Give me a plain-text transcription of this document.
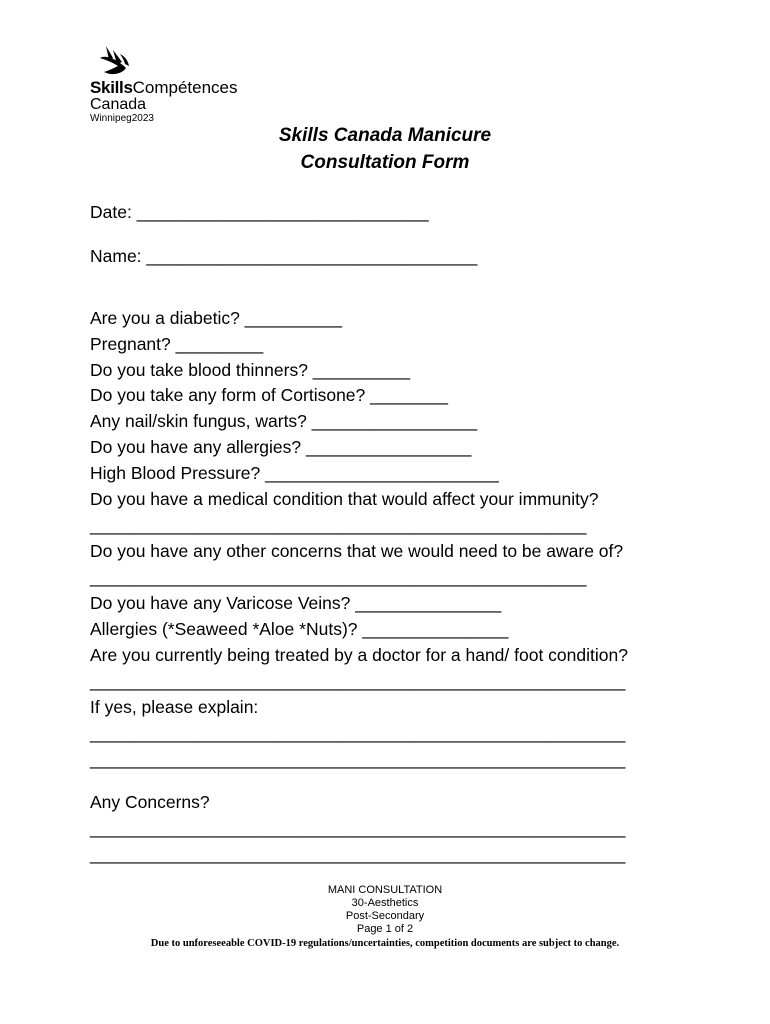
SkillsCompétences
Canada
Winnipeg2023
Skills Canada Manicure
Consultation Form
Date: ______________________________
Name: __________________________________
Are you a diabetic? __________
Pregnant? _________
Do you take blood thinners? __________
Do you take any form of Cortisone? ________
Any nail/skin fungus, warts? _________________
Do you have any allergies? _________________
High Blood Pressure? ________________________
Do you have a medical condition that would affect your immunity?
___________________________________________________
Do you have any other concerns that we would need to be aware of?
___________________________________________________
Do you have any Varicose Veins? _______________
Allergies (*Seaweed *Aloe *Nuts)? _______________
Are you currently being treated by a doctor for a hand/ foot condition?
_______________________________________________________
If yes, please explain:
_______________________________________________________
_______________________________________________________
Any Concerns?
_______________________________________________________
_______________________________________________________
MANI CONSULTATION
30-Aesthetics
Post-Secondary
Page 1 of 2
Due to unforeseeable COVID-19 regulations/uncertainties, competition documents are subject to change.
